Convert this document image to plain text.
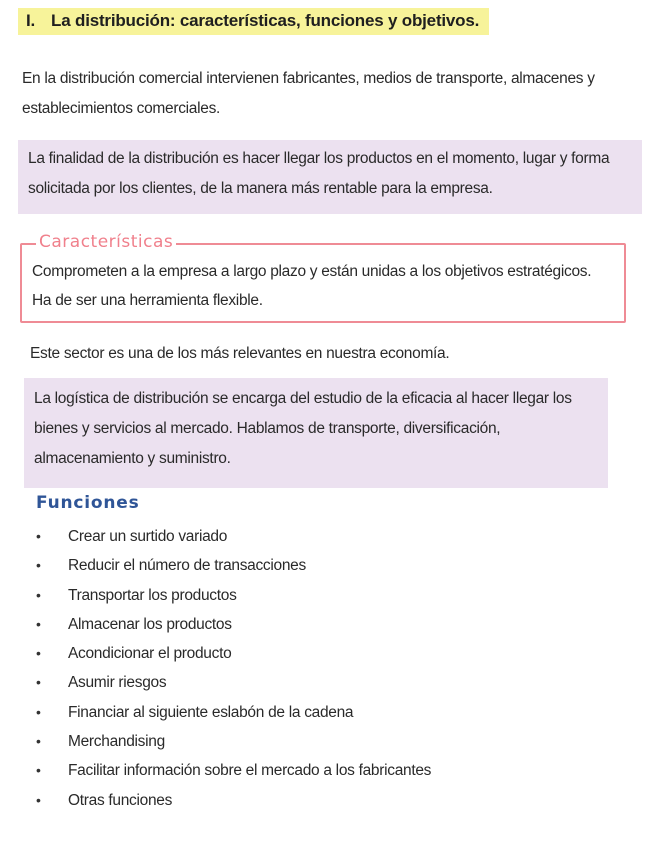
I. La distribución: características, funciones y objetivos.
En la distribución comercial intervienen fabricantes, medios de transporte, almacenes y establecimientos comerciales.
La finalidad de la distribución es hacer llegar los productos en el momento, lugar y forma solicitada por los clientes, de la manera más rentable para la empresa.
Comprometen a la empresa a largo plazo y están unidas a los objetivos estratégicos.
Ha de ser una herramienta flexible.
Características
Este sector es una de los más relevantes en nuestra economía.
La logística de distribución se encarga del estudio de la eficacia al hacer llegar los
bienes y servicios al mercado. Hablamos de transporte, diversificación,
almacenamiento y suministro.
Funciones
•	Crear un surtido variado
•	Reducir el número de transacciones
•	Transportar los productos
•	Almacenar los productos
•	Acondicionar el producto
•	Asumir riesgos
•	Financiar al siguiente eslabón de la cadena
•	Merchandising
•	Facilitar información sobre el mercado a los fabricantes
•	Otras funciones
